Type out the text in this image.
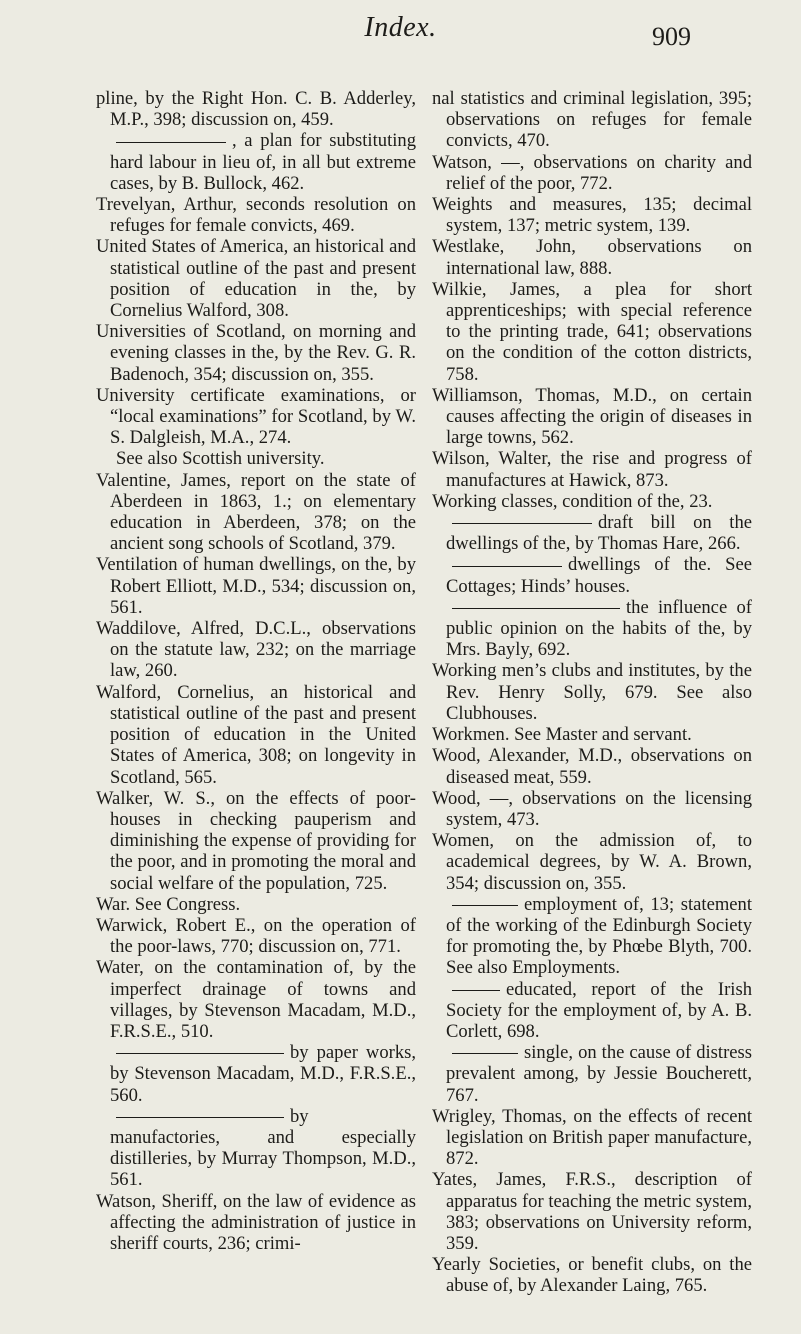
Index.	909

pline, by the Right Hon. C. B. Adderley, M.P., 398; discussion on, 459.

, a plan for substituting hard labour in lieu of, in all but extreme cases, by B. Bullock, 462.

Trevelyan, Arthur, seconds resolution on refuges for female convicts, 469.

United States of America, an historical and statistical outline of the past and present position of education in the, by Cornelius Walford, 308.

Universities of Scotland, on morning and evening classes in the, by the Rev. G. R. Badenoch, 354; discussion on, 355.

University certificate examinations, or “local examinations” for Scotland, by W. S. Dalgleish, M.A., 274.

See also Scottish university.

Valentine, James, report on the state of Aberdeen in 1863, 1.; on elementary education in Aberdeen, 378; on the ancient song schools of Scotland, 379.

Ventilation of human dwellings, on the, by Robert Elliott, M.D., 534; discussion on, 561.

Waddilove, Alfred, D.C.L., observations on the statute law, 232; on the marriage law, 260.

Walford, Cornelius, an historical and statistical outline of the past and present position of education in the United States of America, 308; on longevity in Scotland, 565.

Walker, W. S., on the effects of poor-houses in checking pauperism and diminishing the expense of providing for the poor, and in promoting the moral and social welfare of the population, 725.

War. See Congress.

Warwick, Robert E., on the operation of the poor-laws, 770; discussion on, 771.

Water, on the contamination of, by the imperfect drainage of towns and villages, by Stevenson Macadam, M.D., F.R.S.E., 510.

by paper works, by Stevenson Macadam, M.D., F.R.S.E., 560.

by manufactories, and especially distilleries, by Murray Thompson, M.D., 561.

Watson, Sheriff, on the law of evidence as affecting the administration of justice in sheriff courts, 236; crimi-

nal statistics and criminal legislation, 395; observations on refuges for female convicts, 470.

Watson, —, observations on charity and relief of the poor, 772.

Weights and measures, 135; decimal system, 137; metric system, 139.

Westlake, John, observations on international law, 888.

Wilkie, James, a plea for short apprenticeships; with special reference to the printing trade, 641; observations on the condition of the cotton districts, 758.

Williamson, Thomas, M.D., on certain causes affecting the origin of diseases in large towns, 562.

Wilson, Walter, the rise and progress of manufactures at Hawick, 873.

Working classes, condition of the, 23.

draft bill on the dwellings of the, by Thomas Hare, 266.

dwellings of the. See Cottages; Hinds’ houses.

the influence of public opinion on the habits of the, by Mrs. Bayly, 692.

Working men’s clubs and institutes, by the Rev. Henry Solly, 679. See also Clubhouses.

Workmen. See Master and servant.

Wood, Alexander, M.D., observations on diseased meat, 559.

Wood, —, observations on the licensing system, 473.

Women, on the admission of, to academical degrees, by W. A. Brown, 354; discussion on, 355.

employment of, 13; statement of the working of the Edinburgh Society for promoting the, by Phœbe Blyth, 700. See also Employments.

educated, report of the Irish Society for the employment of, by A. B. Corlett, 698.

single, on the cause of distress prevalent among, by Jessie Boucherett, 767.

Wrigley, Thomas, on the effects of recent legislation on British paper manufacture, 872.

Yates, James, F.R.S., description of apparatus for teaching the metric system, 383; observations on University reform, 359.

Yearly Societies, or benefit clubs, on the abuse of, by Alexander Laing, 765.
